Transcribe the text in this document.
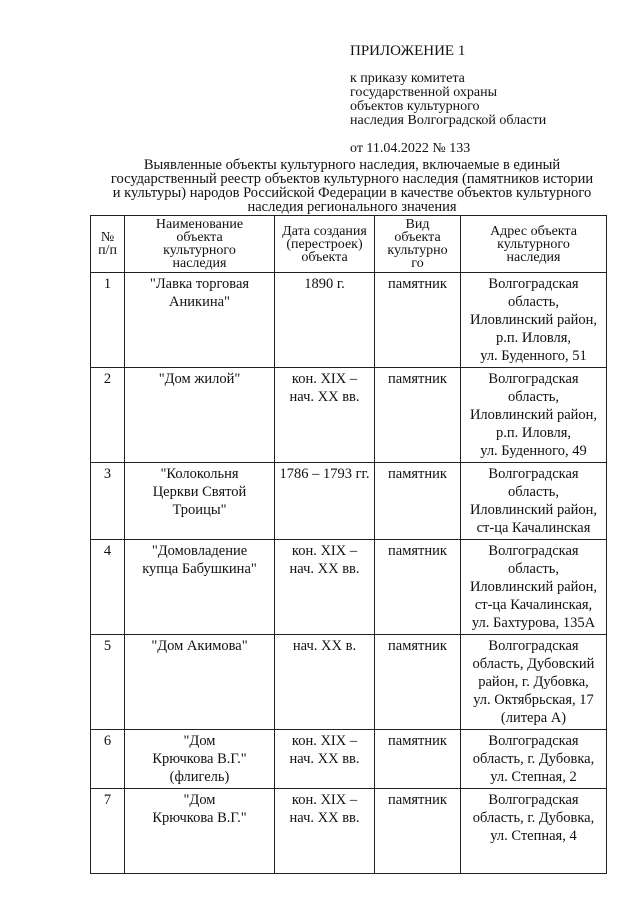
ПРИЛОЖЕНИЕ 1
к приказу комитета
государственной охраны
объектов культурного
наследия Волгоградской области
от 11.04.2022 № 133
Выявленные объекты культурного наследия, включаемые в единый
государственный реестр объектов культурного наследия (памятников истории
и культуры) народов Российской Федерации в качестве объектов культурного
наследия регионального значения
№
п/п	Наименование
объекта
культурного
наследия	Дата создания
(перестроек)
объекта	Вид
объекта
культурно
го	Адрес объекта
культурного
наследия

1	"Лавка торговая
Аникина"	1890 г.	памятник	Волгоградская
область,
Иловлинский район,
р.п. Иловля,
ул. Буденного, 51

2	"Дом жилой"	кон. XIX –
нач. XX вв.	памятник	Волгоградская
область,
Иловлинский район,
р.п. Иловля,
ул. Буденного, 49

3	"Колокольня
Церкви Святой
Троицы"	1786 – 1793 гг.	памятник	Волгоградская
область,
Иловлинский район,
ст-ца Качалинская

4	"Домовладение
купца Бабушкина"	кон. XIX –
нач. XX вв.	памятник	Волгоградская
область,
Иловлинский район,
ст-ца Качалинская,
ул. Бахтурова, 135А

5	"Дом Акимова"	нач. XX в.	памятник	Волгоградская
область, Дубовский
район, г. Дубовка,
ул. Октябрьская, 17
(литера А)

6	"Дом
Крючкова В.Г."
(флигель)	кон. XIX –
нач. XX вв.	памятник	Волгоградская
область, г. Дубовка,
ул. Степная, 2

7	"Дом
Крючкова В.Г."	кон. XIX –
нач. XX вв.	памятник	Волгоградская
область, г. Дубовка,
ул. Степная, 4
